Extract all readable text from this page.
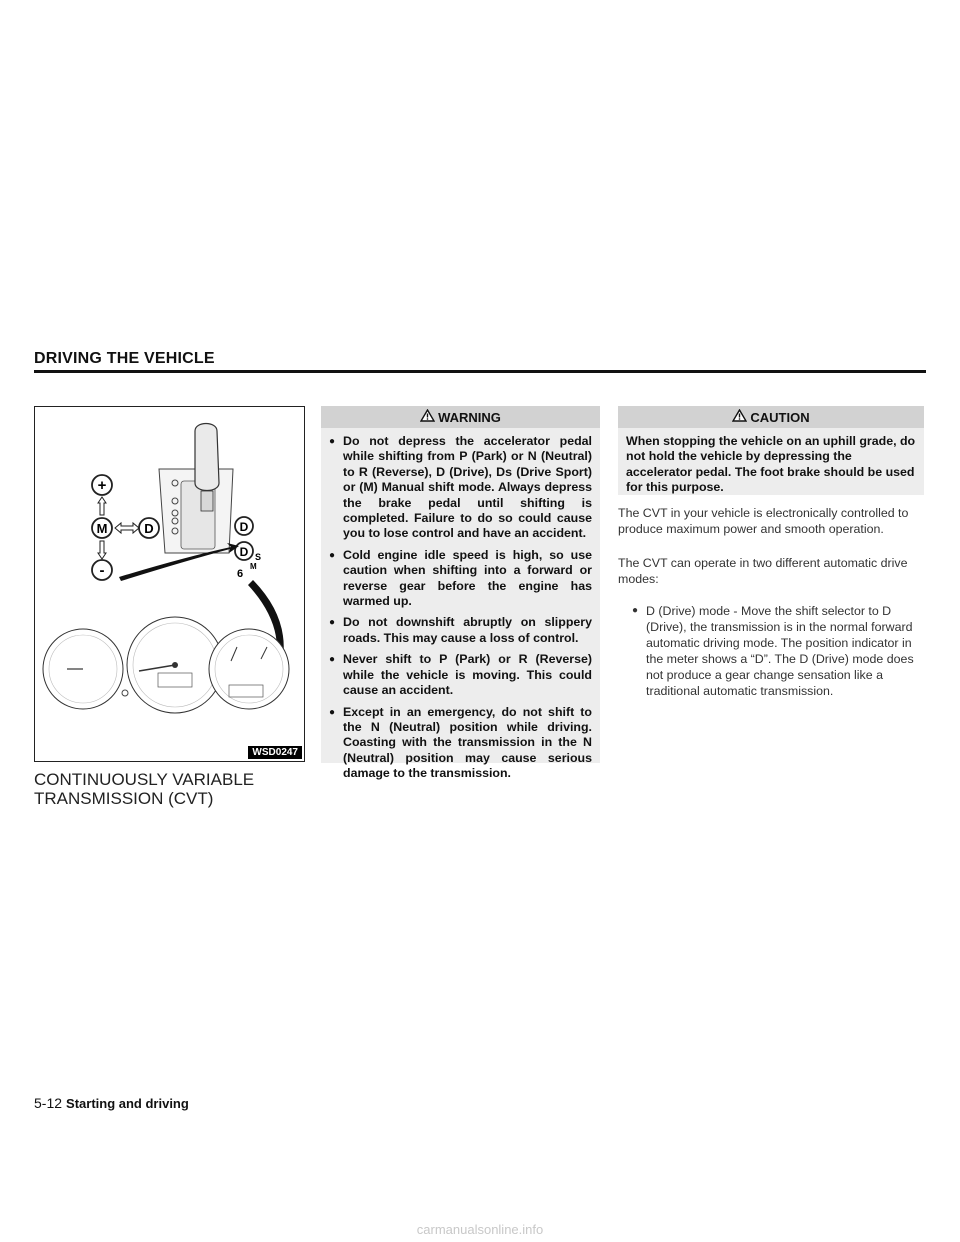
DRIVING THE VEHICLE
+
M	D
-
D
D S
6
M
WSD0247
CONTINUOUSLY VARIABLE TRANSMISSION (CVT)
WARNING
● Do not depress the accelerator pedal while shifting from P (Park) or N (Neutral) to R (Reverse), D (Drive), Ds (Drive Sport) or (M) Manual shift mode. Always depress the brake pedal until shifting is completed. Failure to do so could cause you to lose control and have an accident.
● Cold engine idle speed is high, so use caution when shifting into a forward or reverse gear before the engine has warmed up.
● Do not downshift abruptly on slippery roads. This may cause a loss of control.
● Never shift to P (Park) or R (Reverse) while the vehicle is moving. This could cause an accident.
● Except in an emergency, do not shift to the N (Neutral) position while driving. Coasting with the transmission in the N (Neutral) position may cause serious damage to the transmission.
CAUTION

When stopping the vehicle on an uphill grade, do not hold the vehicle by depressing the accelerator pedal. The foot brake should be used for this purpose.

The CVT in your vehicle is electronically controlled to produce maximum power and smooth operation.

The CVT can operate in two different automatic drive modes:

● D (Drive) mode - Move the shift selector to D (Drive), the transmission is in the normal forward automatic driving mode. The position indicator in the meter shows a “D”. The D (Drive) mode does not produce a gear change sensation like a traditional automatic transmission.
5-12 Starting and driving
carmanualsonline.info
